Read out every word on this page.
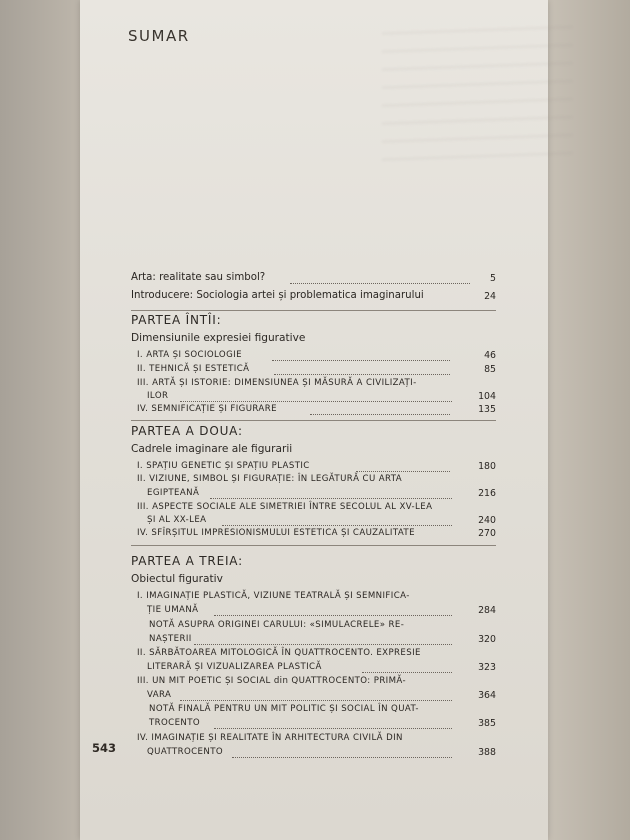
SUMAR
Arta: realitate sau simbol?	5
Introducere: Sociologia artei și problematica imaginarului	24
PARTEA ÎNTÎI:
Dimensiunile expresiei figurative
I. ARTA ȘI SOCIOLOGIE	46
II. TEHNICĂ ȘI ESTETICĂ	85
III. ARTĂ ȘI ISTORIE: DIMENSIUNEA ȘI MĂSURĂ A CIVILIZAȚI-
ILOR	104
IV. SEMNIFICAȚIE ȘI FIGURARE	135
PARTEA A DOUA:
Cadrele imaginare ale figurarii
I. SPAȚIU GENETIC ȘI SPAȚIU PLASTIC	180
II. VIZIUNE, SIMBOL ȘI FIGURAȚIE: ÎN LEGĂTURĂ CU ARTA
EGIPTEANĂ	216
III. ASPECTE SOCIALE ALE SIMETRIEI ÎNTRE SECOLUL AL XV-LEA
ȘI AL XX-LEA	240
IV. SFÎRȘITUL IMPRESIONISMULUI ESTETICA ȘI CAUZALITATE	270
PARTEA A TREIA:
Obiectul figurativ
I. IMAGINAȚIE PLASTICĂ, VIZIUNE TEATRALĂ ȘI SEMNIFICA-
ȚIE UMANĂ	284
NOTĂ ASUPRA ORIGINEI CARULUI: «SIMULACRELE» RE-
NAȘTERII	320
II. SĂRBĂTOAREA MITOLOGICĂ ÎN QUATTROCENTO. EXPRESIE
LITERARĂ ȘI VIZUALIZAREA PLASTICĂ	323
III. UN MIT POETIC ȘI SOCIAL din QUATTROCENTO: PRIMĂ-
VARA	364
NOTĂ FINALĂ PENTRU UN MIT POLITIC ȘI SOCIAL ÎN QUAT-
TROCENTO	385
IV. IMAGINAȚIE ȘI REALITATE ÎN ARHITECTURA CIVILĂ DIN
QUATTROCENTO	388
543
